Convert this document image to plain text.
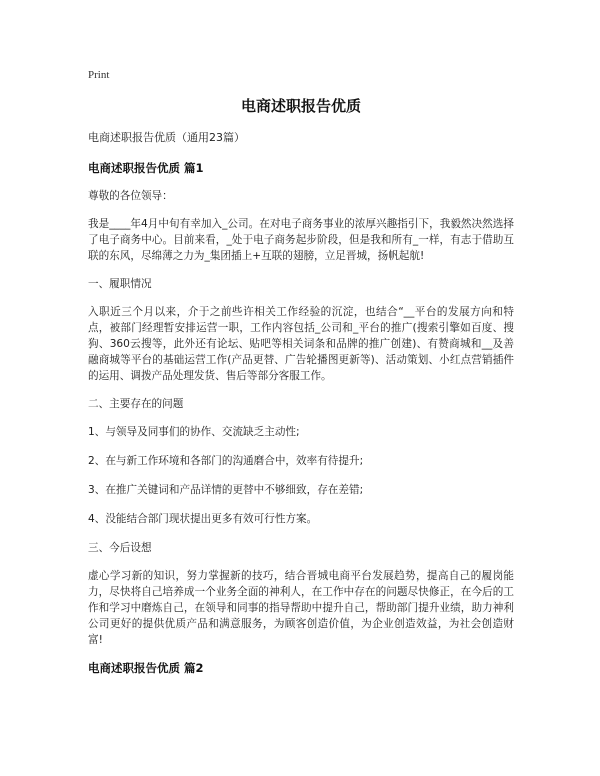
Print
电商述职报告优质

电商述职报告优质（通用23篇）

电商述职报告优质 篇1

尊敬的各位领导：

我是____年4月中旬有幸加入_公司。在对电子商务事业的浓厚兴趣指引下，我毅然决然选择了电子商务中心。目前来看，_处于电子商务起步阶段，但是我和所有_一样，有志于借助互联的东风，尽绵薄之力为_集团插上+互联的翅膀，立足晋城，扬帆起航!

一、履职情况

入职近三个月以来，介于之前些许相关工作经验的沉淀，也结合“__平台的发展方向和特点，被部门经理暂安排运营一职，工作内容包括_公司和_平台的推广(搜索引擎如百度、搜狗、360云搜等，此外还有论坛、贴吧等相关词条和品牌的推广创建)、有赞商城和__及善融商城等平台的基础运营工作(产品更替、广告轮播图更新等)、活动策划、小红点营销插件的运用、调拨产品处理发货、售后等部分客服工作。

二、主要存在的问题

1、与领导及同事们的协作、交流缺乏主动性;

2、在与新工作环境和各部门的沟通磨合中，效率有待提升;

3、在推广关键词和产品详情的更替中不够细致，存在差错;

4、没能结合部门现状提出更多有效可行性方案。

三、今后设想

虚心学习新的知识，努力掌握新的技巧，结合晋城电商平台发展趋势，提高自己的履岗能力，尽快将自己培养成一个业务全面的神利人，在工作中存在的问题尽快修正，在今后的工作和学习中磨炼自己，在领导和同事的指导帮助中提升自己，帮助部门提升业绩，助力神利公司更好的提供优质产品和满意服务，为顾客创造价值，为企业创造效益，为社会创造财富!

电商述职报告优质 篇2
